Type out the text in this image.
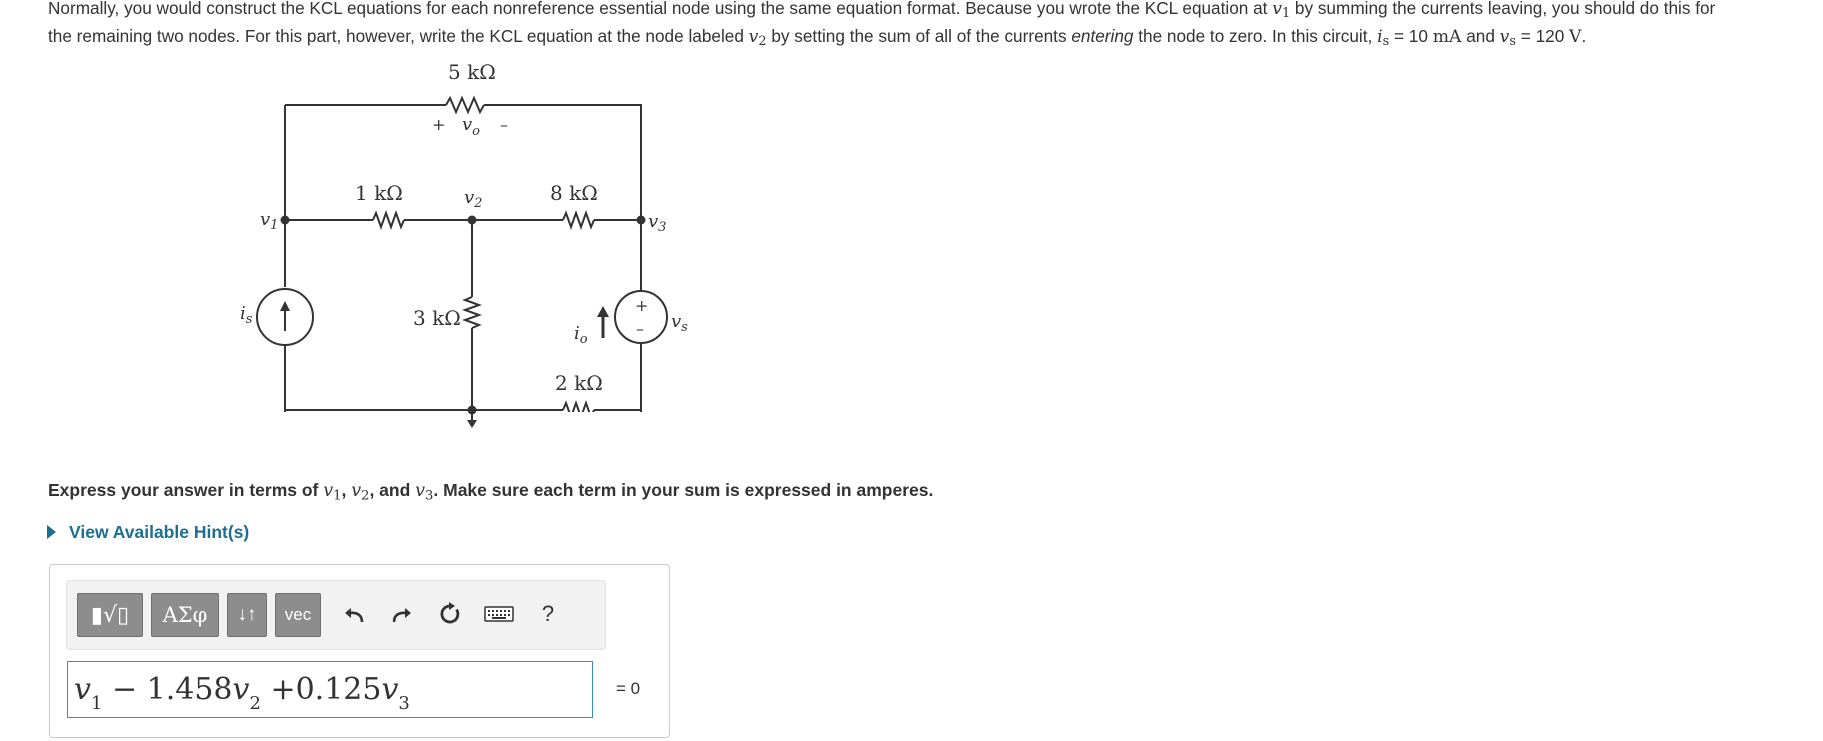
Normally, you would construct the KCL equations for each nonreference essential node using the same equation format. Because you wrote the KCL equation at $v_1$ by summing the currents leaving, you should do this for
the remaining two nodes. For this part, however, write the KCL equation at the node labeled $v_2$ by setting the sum of all of the currents entering the node to zero. In this circuit, $i_s = 10$ mA and $v_s = 120$ V.
5 kΩ
+ $v_o$ –
1 kΩ	$v_2$	8 kΩ
$v_1$	$v_3$
3 kΩ
$i_s$
$i_o$
+
– $v_s$
2 kΩ
Express your answer in terms of $v_1$, $v_2$, and $v_3$. Make sure each term in your sum is expressed in amperes.
View Available Hint(s)
▮√▯ ΑΣφ ↓↑ vec	?
$v_1 - 1.458v_2 +0.125v_3$
= 0
